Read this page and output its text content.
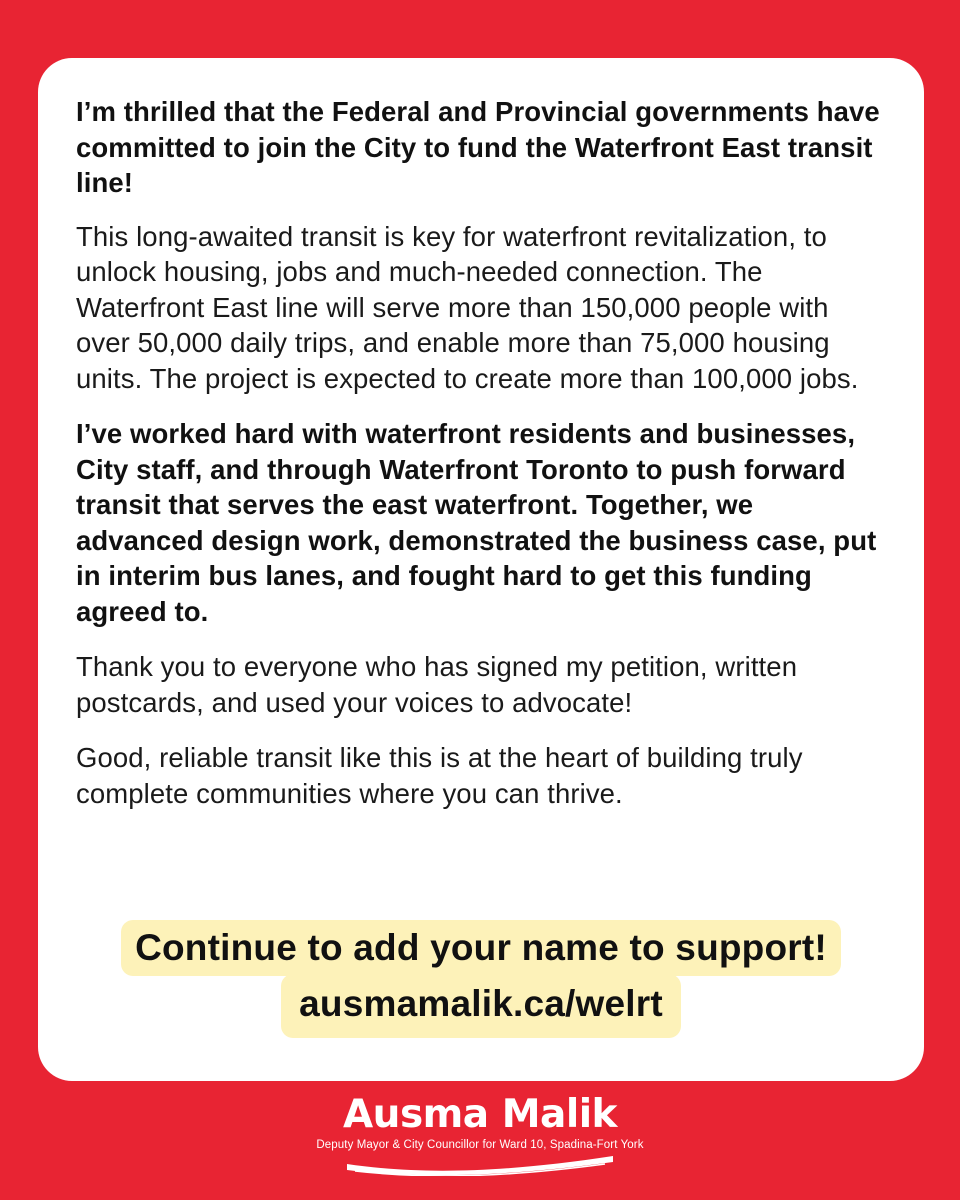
I’m thrilled that the Federal and Provincial governments have committed to join the City to fund the Waterfront East transit line!

This long-awaited transit is key for waterfront revitalization, to unlock housing, jobs and much-needed connection. The Waterfront East line will serve more than 150,000 people with over 50,000 daily trips, and enable more than 75,000 housing units. The project is expected to create more than 100,000 jobs.

I’ve worked hard with waterfront residents and businesses, City staff, and through Waterfront Toronto to push forward transit that serves the east waterfront. Together, we advanced design work, demonstrated the business case, put in interim bus lanes, and fought hard to get this funding agreed to.

Thank you to everyone who has signed my petition, written postcards, and used your voices to advocate!

Good, reliable transit like this is at the heart of building truly complete communities where you can thrive.

Continue to add your name to support!
ausmamalik.ca/welrt
Ausma Malik
Deputy Mayor & City Councillor for Ward 10, Spadina-Fort York
